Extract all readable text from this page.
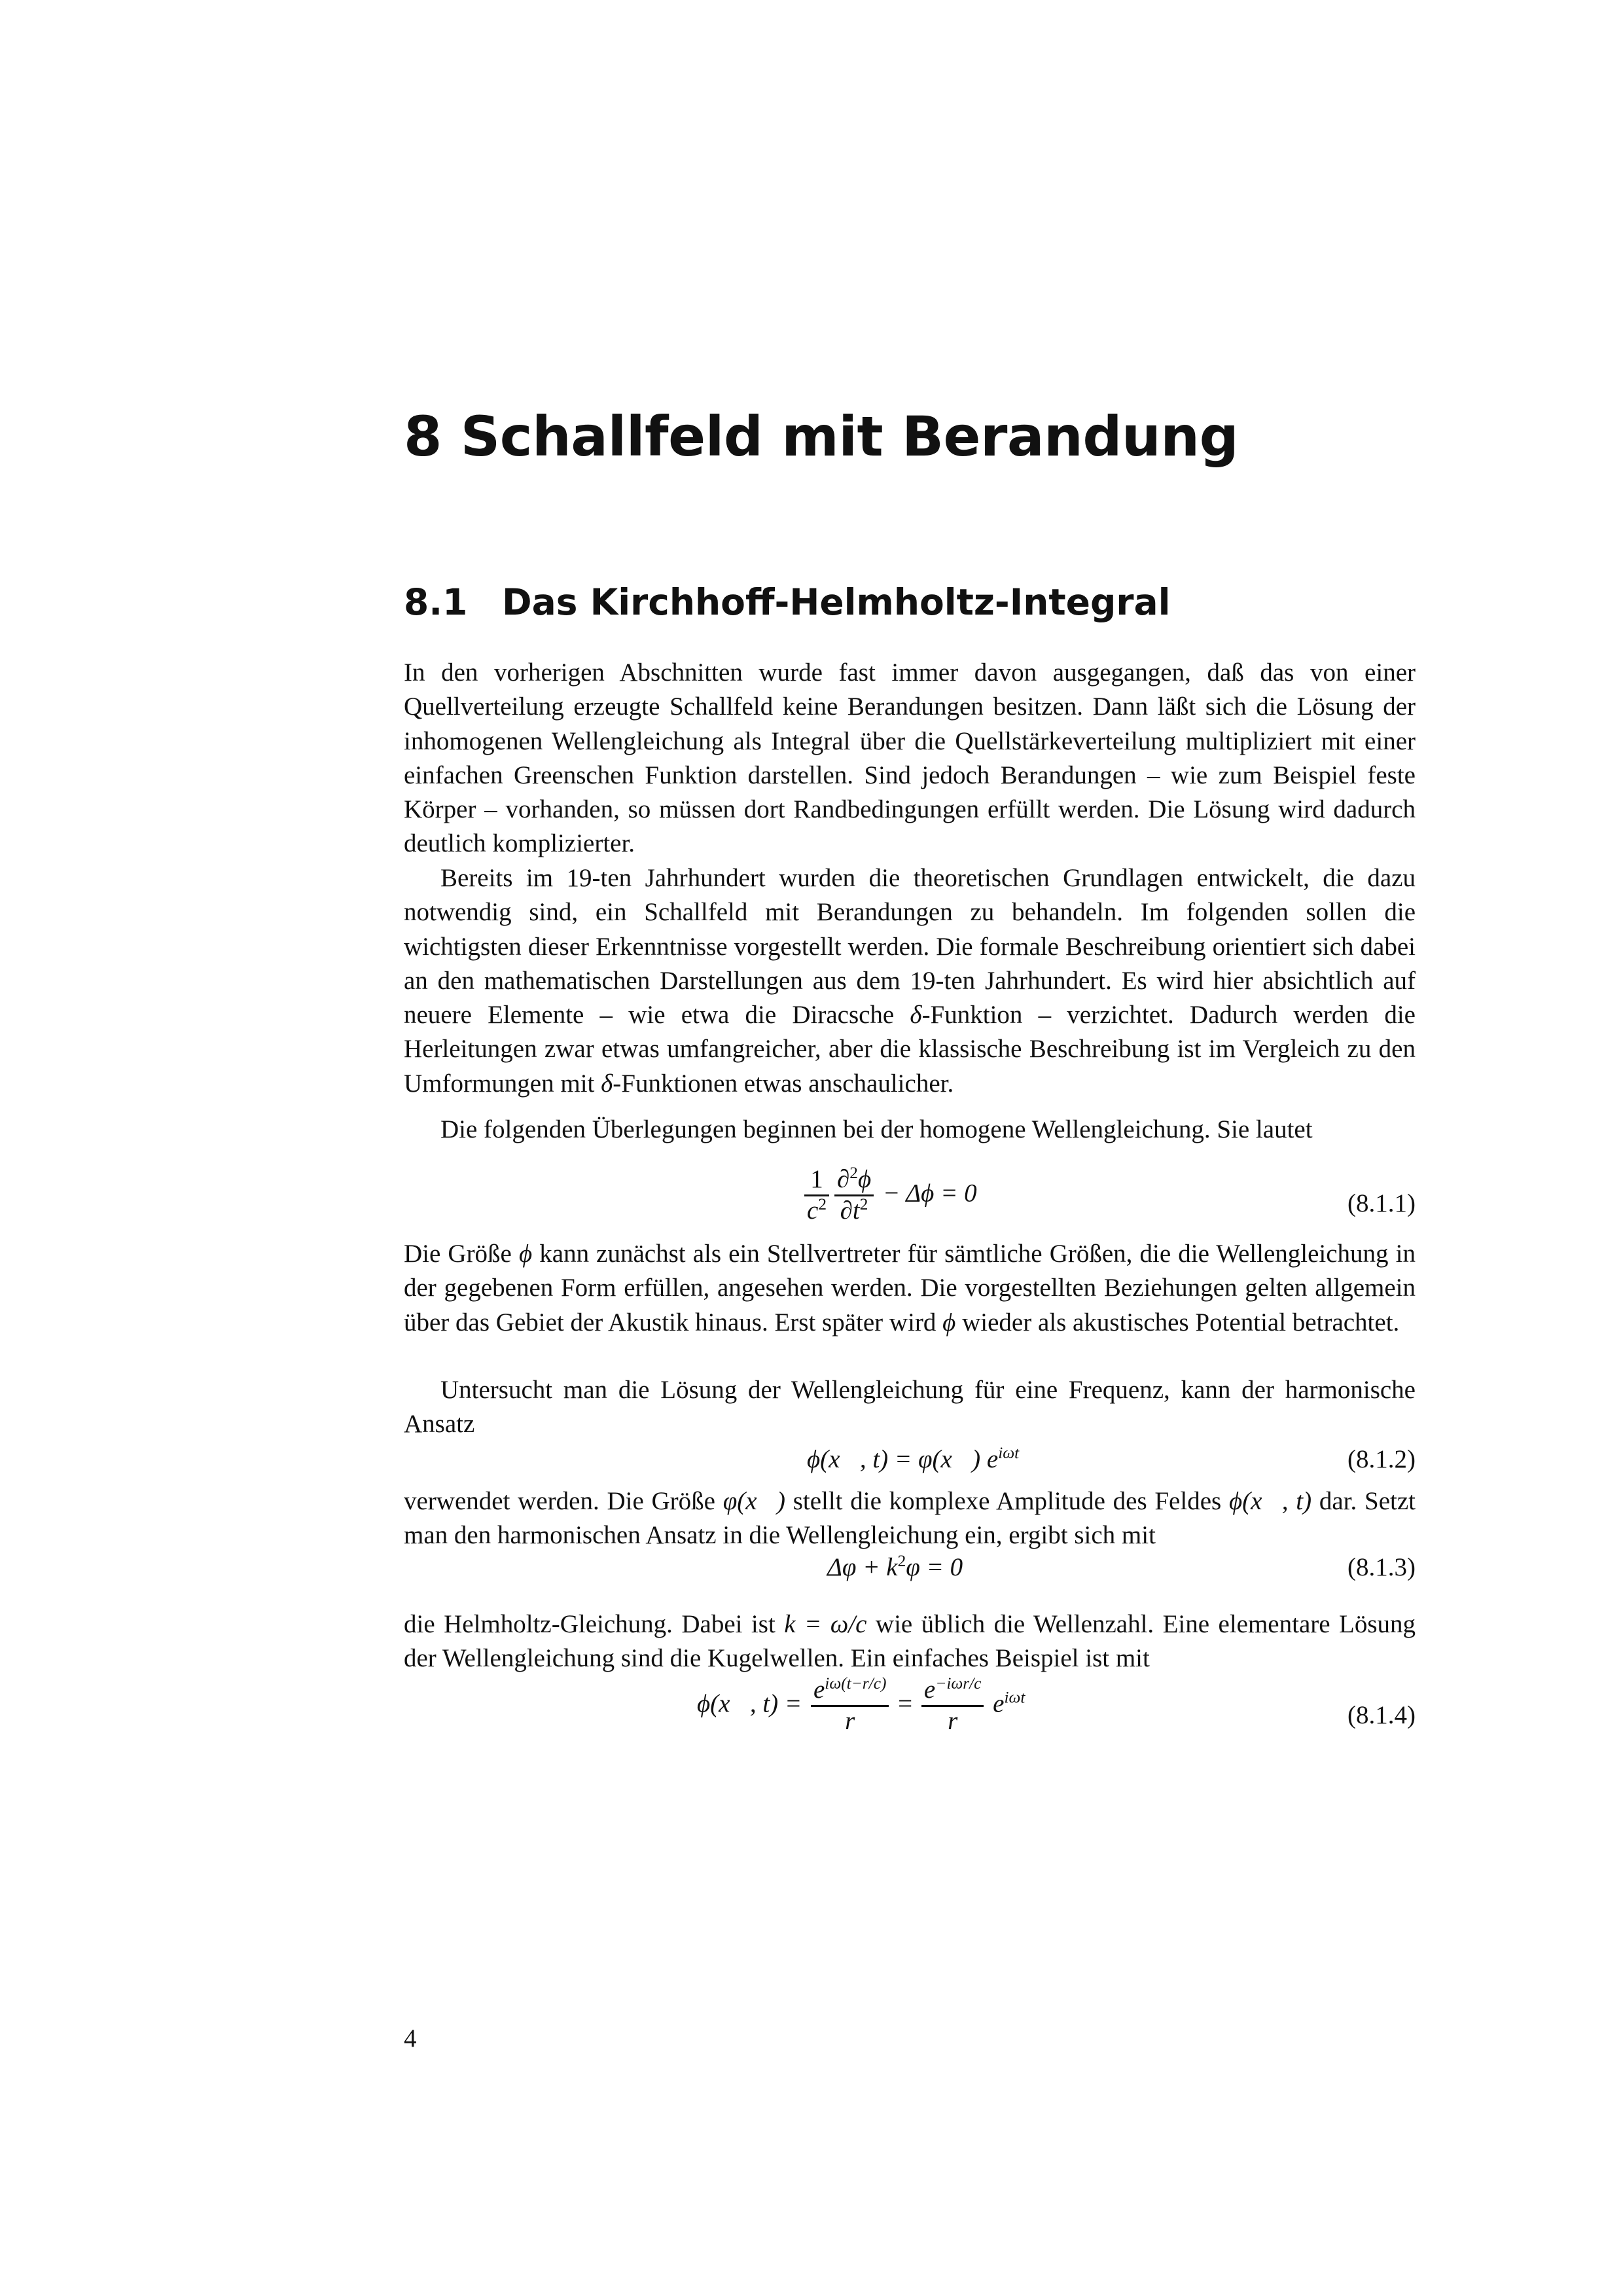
8 Schallfeld mit Berandung
8.1 Das Kirchhoff-Helmholtz-Integral

In den vorherigen Abschnitten wurde fast immer davon ausgegangen, daß das von einer Quellverteilung erzeugte Schallfeld keine Berandungen besitzen. Dann läßt sich die Lösung der inhomogenen Wellengleichung als Integral über die Quellstärkeverteilung multipliziert mit einer einfachen Greenschen Funktion darstellen. Sind jedoch Berandungen – wie zum Beispiel feste Körper – vorhanden, so müssen dort Randbedingungen erfüllt werden. Die Lösung wird dadurch deutlich komplizierter.

Bereits im 19-ten Jahrhundert wurden die theoretischen Grundlagen entwickelt, die dazu notwendig sind, ein Schallfeld mit Berandungen zu behandeln. Im folgenden sollen die wichtigsten dieser Erkenntnisse vorgestellt werden. Die formale Beschreibung orientiert sich dabei an den mathematischen Darstellungen aus dem 19-ten Jahrhundert. Es wird hier absichtlich auf neuere Elemente – wie etwa die Diracsche δ-Funktion – verzichtet. Dadurch werden die Herleitungen zwar etwas umfangreicher, aber die klassische Beschreibung ist im Vergleich zu den Umformungen mit δ-Funktionen etwas anschaulicher.

Die folgenden Überlegungen beginnen bei der homogene Wellengleichung. Sie lautet

$\frac{1}{c^2} \frac{\partial^2\phi}{\partial t^2} - \Delta\phi = 0$	(8.1.1)

Die Größe ϕ kann zunächst als ein Stellvertreter für sämtliche Größen, die die Wellengleichung in der gegebenen Form erfüllen, angesehen werden. Die vorgestellten Beziehungen gelten allgemein über das Gebiet der Akustik hinaus. Erst später wird ϕ wieder als akustisches Potential betrachtet.

Untersucht man die Lösung der Wellengleichung für eine Frequenz, kann der harmonische Ansatz

ϕ(x⃗, t) = φ(x⃗) $e^{i\omega t}$	(8.1.2)

verwendet werden. Die Größe φ(x⃗) stellt die komplexe Amplitude des Feldes ϕ(x⃗, t) dar. Setzt man den harmonischen Ansatz in die Wellengleichung ein, ergibt sich mit

$\Delta\varphi + k^2\varphi = 0$	(8.1.3)

die Helmholtz-Gleichung. Dabei ist k = ω/c wie üblich die Wellenzahl. Eine elementare Lösung der Wellengleichung sind die Kugelwellen. Ein einfaches Beispiel ist mit

ϕ(x⃗, $t) = \frac{e^{i\omega(t-r/c)}}{r} = \frac{e^{-i\omega r/c}}{r} e^{i\omega t}$
(8.1.4)
4
